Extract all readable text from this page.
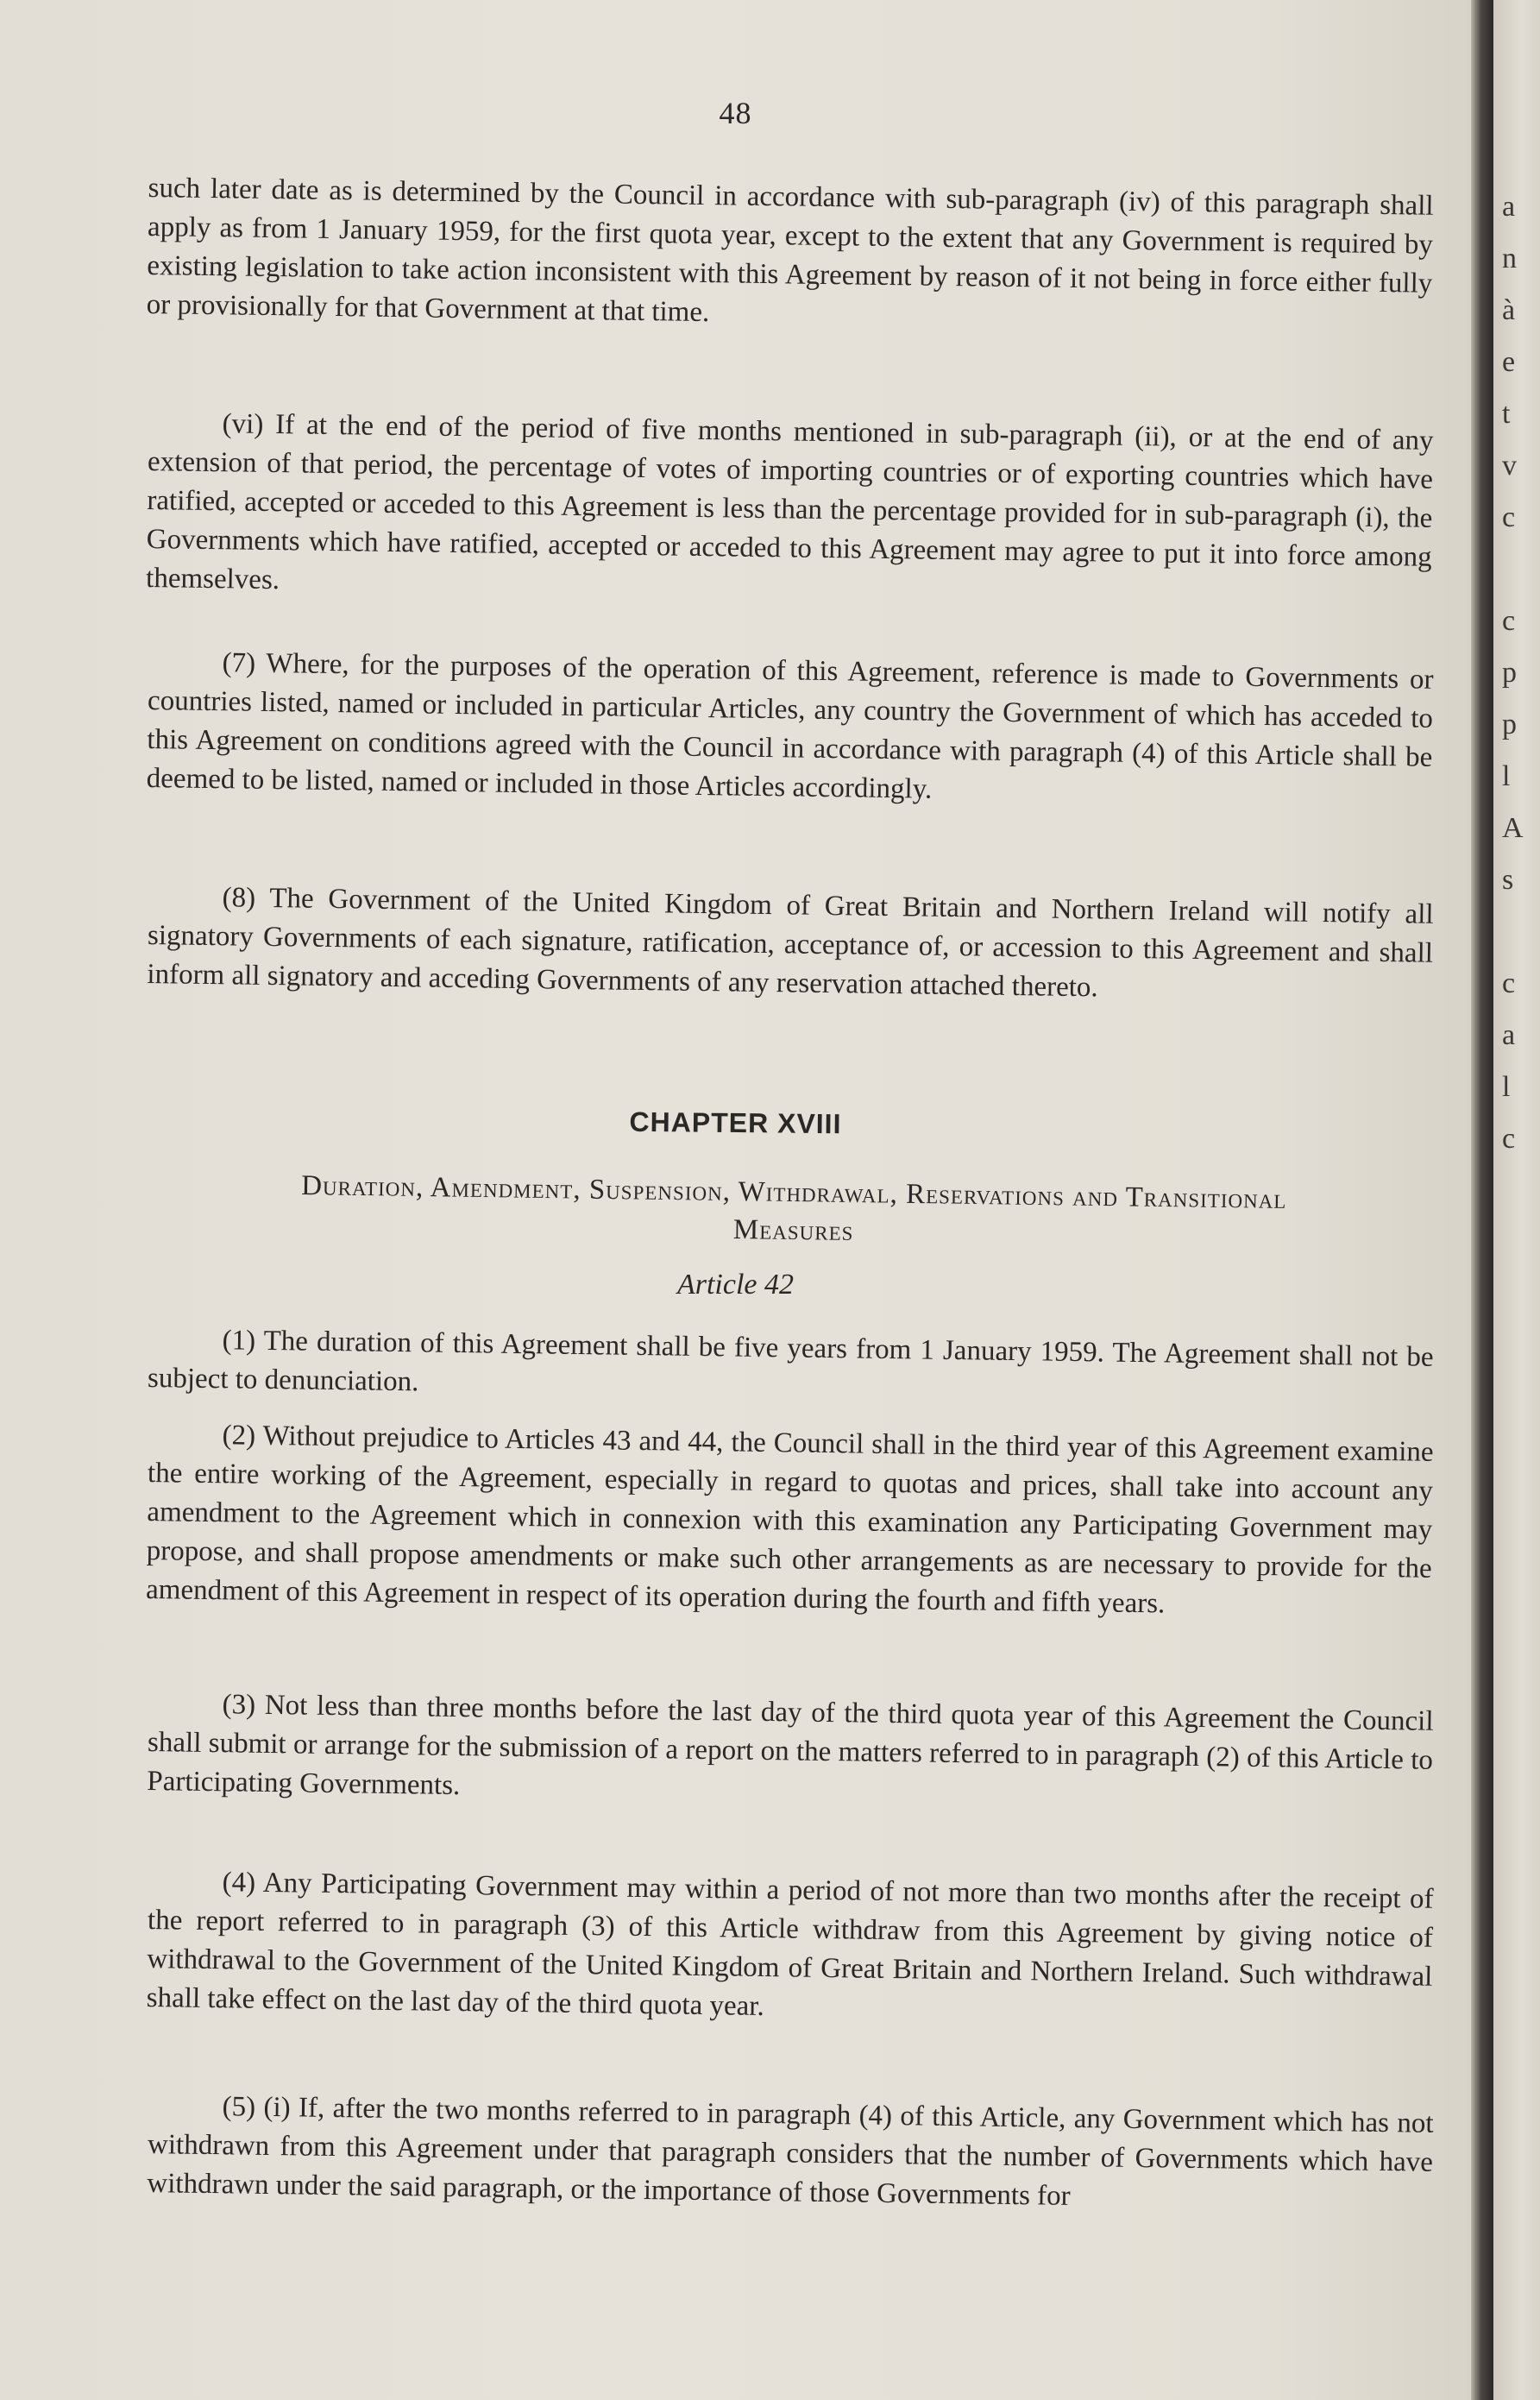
48

such later date as is determined by the Council in accordance with sub-paragraph (iv) of this paragraph shall apply as from 1 January 1959, for the first quota year, except to the extent that any Government is required by existing legislation to take action inconsistent with this Agreement by reason of it not being in force either fully or provisionally for that Government at that time.

(vi) If at the end of the period of five months mentioned in sub-paragraph (ii), or at the end of any extension of that period, the percentage of votes of importing countries or of exporting countries which have ratified, accepted or acceded to this Agreement is less than the percentage provided for in sub-paragraph (i), the Governments which have ratified, accepted or acceded to this Agreement may agree to put it into force among themselves.

(7) Where, for the purposes of the operation of this Agreement, reference is made to Governments or countries listed, named or included in particular Articles, any country the Government of which has acceded to this Agreement on conditions agreed with the Council in accordance with paragraph (4) of this Article shall be deemed to be listed, named or included in those Articles accordingly.

(8) The Government of the United Kingdom of Great Britain and Northern Ireland will notify all signatory Governments of each signature, ratification, acceptance of, or accession to this Agreement and shall inform all signatory and acceding Governments of any reservation attached thereto.

CHAPTER XVIII
Duration, Amendment, Suspension, Withdrawal, Reservations and Transitional Measures
Article 42

(1) The duration of this Agreement shall be five years from 1 January 1959. The Agreement shall not be subject to denunciation.

(2) Without prejudice to Articles 43 and 44, the Council shall in the third year of this Agreement examine the entire working of the Agreement, especially in regard to quotas and prices, shall take into account any amendment to the Agreement which in connexion with this examination any Participating Government may propose, and shall propose amendments or make such other arrangements as are necessary to provide for the amendment of this Agreement in respect of its operation during the fourth and fifth years.

(3) Not less than three months before the last day of the third quota year of this Agreement the Council shall submit or arrange for the submission of a report on the matters referred to in paragraph (2) of this Article to Participating Governments.

(4) Any Participating Government may within a period of not more than two months after the receipt of the report referred to in paragraph (3) of this Article withdraw from this Agreement by giving notice of withdrawal to the Government of the United Kingdom of Great Britain and Northern Ireland. Such withdrawal shall take effect on the last day of the third quota year.

(5) (i) If, after the two months referred to in paragraph (4) of this Article, any Government which has not withdrawn from this Agreement under that paragraph considers that the number of Governments which have withdrawn under the said paragraph, or the importance of those Governments for

a
n
à
e
t
v
c

c
p
p
l
A
s

c
a
l
c
